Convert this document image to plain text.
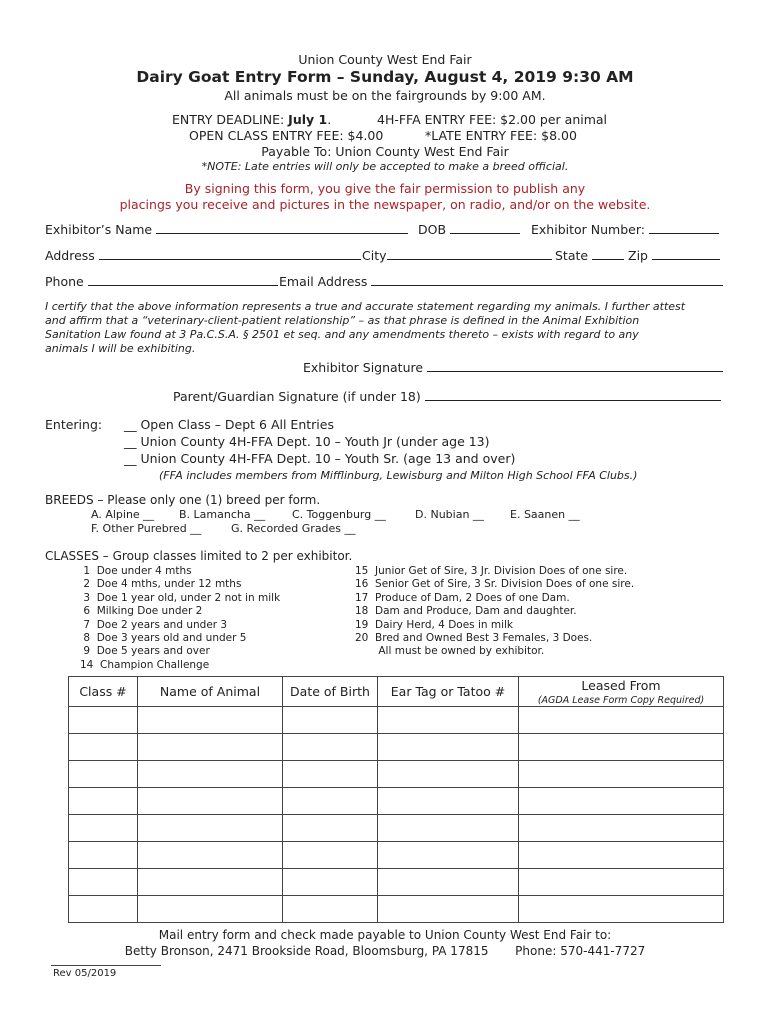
Union County West End Fair
Dairy Goat Entry Form – Sunday, August 4, 2019 9:30 AM
All animals must be on the fairgrounds by 9:00 AM.
ENTRY DEADLINE: July 1.	4H-FFA ENTRY FEE: $2.00 per animal
OPEN CLASS ENTRY FEE: $4.00	*LATE ENTRY FEE: $8.00
Payable To: Union County West End Fair
*NOTE: Late entries will only be accepted to make a breed official.
By signing this form, you give the fair permission to publish any
placings you receive and pictures in the newspaper, on radio, and/or on the website.
Exhibitor’s Name	DOB	Exhibitor Number:
Address	City	State	Zip
Phone	Email Address
I certify that the above information represents a true and accurate statement regarding my animals. I further attest
and affirm that a “veterinary-client-patient relationship” – as that phrase is defined in the Animal Exhibition
Sanitation Law found at 3 Pa.C.S.A. § 2501 et seq. and any amendments thereto – exists with regard to any
animals I will be exhibiting.
Exhibitor Signature
Parent/Guardian Signature (if under 18)
Entering: __ Open Class – Dept 6 All Entries
__ Union County 4H-FFA Dept. 10 – Youth Jr (under age 13)
__ Union County 4H-FFA Dept. 10 – Youth Sr. (age 13 and over)
(FFA includes members from Mifflinburg, Lewisburg and Milton High School FFA Clubs.)
BREEDS – Please only one (1) breed per form.
A. Alpine __ B. Lamancha __ C. Toggenburg __	D. Nubian __ E. Saanen __
F. Other Purebred __	G. Recorded Grades __
CLASSES – Group classes limited to 2 per exhibitor.
1  Doe under 4 mths
2  Doe 4 mths, under 12 mths
3  Doe 1 year old, under 2 not in milk
6  Milking Doe under 2
7  Doe 2 years and under 3
8  Doe 3 years old and under 5
9  Doe 5 years and over
14  Champion Challenge
15  Junior Get of Sire, 3 Jr. Division Does of one sire.
16  Senior Get of Sire, 3 Sr. Division Does of one sire.
17  Produce of Dam, 2 Does of one Dam.
18  Dam and Produce, Dam and daughter.
19  Dairy Herd, 4 Does in milk
20  Bred and Owned Best 3 Females, 3 Does.
All must be owned by exhibitor.
Class #	Name of Animal	Date of Birth	Ear Tag or Tatoo #	Leased From
(AGDA Lease Form Copy Required)

Mail entry form and check made payable to Union County West End Fair to:
Betty Bronson, 2471 Brookside Road, Bloomsburg, PA 17815       Phone: 570-441-7727
Rev 05/2019
